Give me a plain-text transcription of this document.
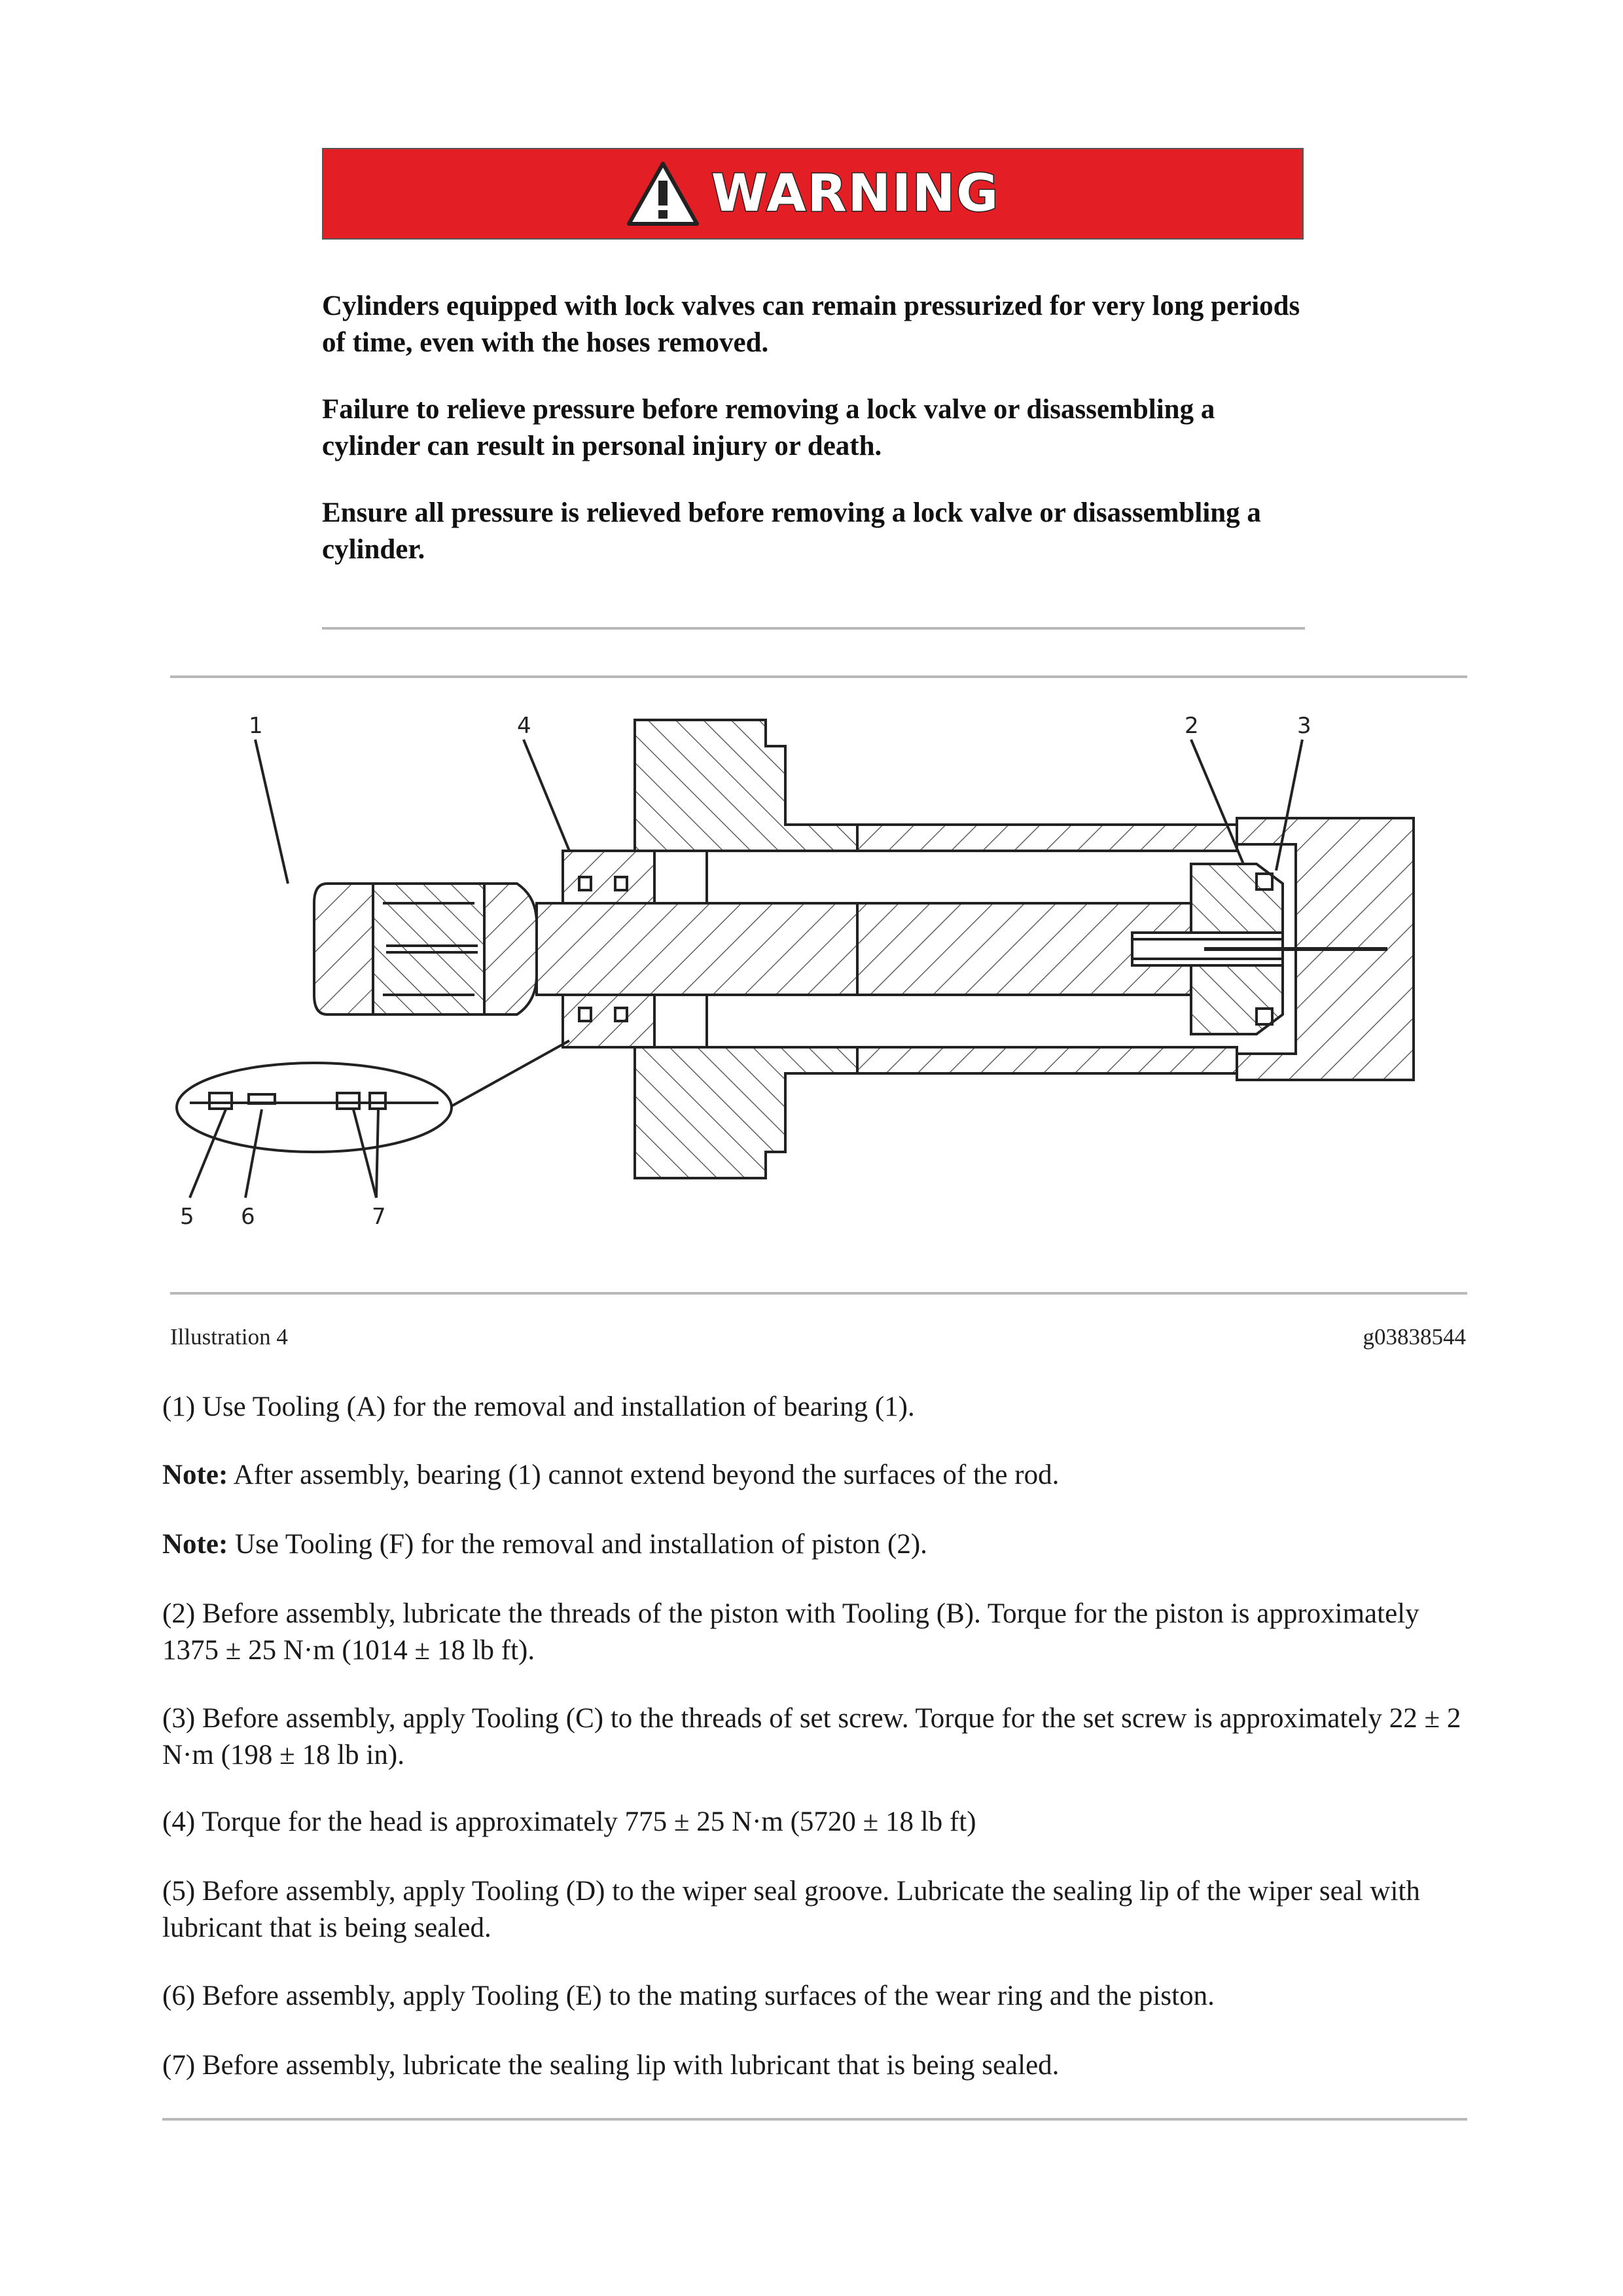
WARNING

Cylinders equipped with lock valves can remain pressurized for very long periods of time, even with the hoses removed.

Failure to relieve pressure before removing a lock valve or disassembling a cylinder can result in personal injury or death.

Ensure all pressure is relieved before removing a lock valve or disassembling a cylinder.

1	4	2	3
5 6	7
Illustration 4	g03838544

(1) Use Tooling (A) for the removal and installation of bearing (1).

Note: After assembly, bearing (1) cannot extend beyond the surfaces of the rod.

Note: Use Tooling (F) for the removal and installation of piston (2).

(2) Before assembly, lubricate the threads of the piston with Tooling (B). Torque for the piston is approximately 1375 ± 25 N·m (1014 ± 18 lb ft).

(3) Before assembly, apply Tooling (C) to the threads of set screw. Torque for the set screw is approximately 22 ± 2 N·m (198 ± 18 lb in).

(4) Torque for the head is approximately 775 ± 25 N·m (5720 ± 18 lb ft)

(5) Before assembly, apply Tooling (D) to the wiper seal groove. Lubricate the sealing lip of the wiper seal with lubricant that is being sealed.

(6) Before assembly, apply Tooling (E) to the mating surfaces of the wear ring and the piston.

(7) Before assembly, lubricate the sealing lip with lubricant that is being sealed.
